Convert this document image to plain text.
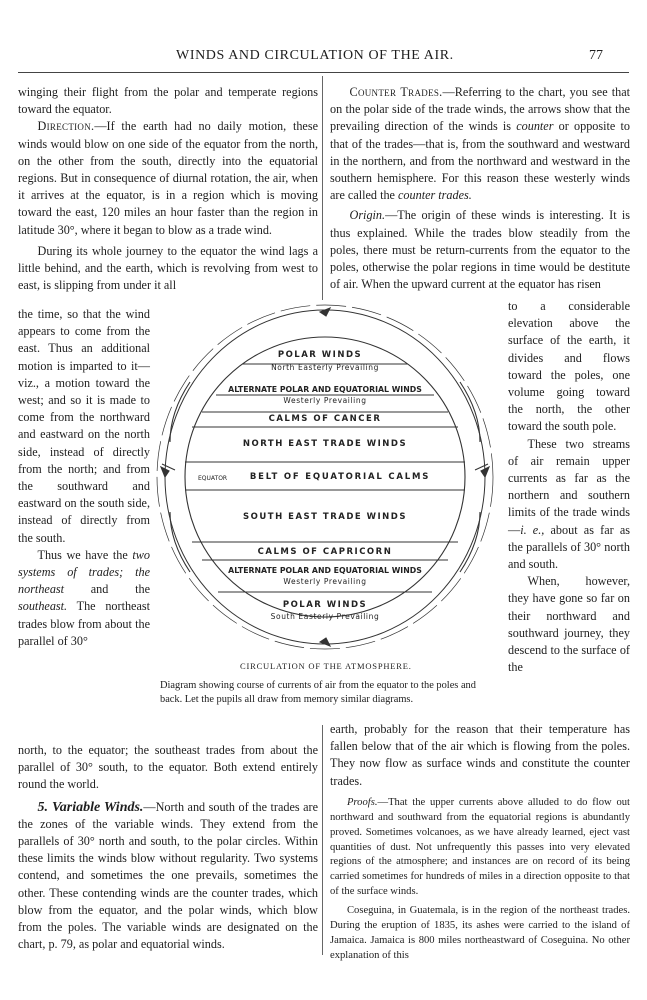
WINDS AND CIRCULATION OF THE AIR.	77

winging their flight from the polar and temperate regions toward the equator.

Direction.—If the earth had no daily motion, these winds would blow on one side of the equator from the north, on the other from the south, directly into the equatorial regions. But in consequence of diurnal rotation, the air, when it arrives at the equator, is in a region which is moving toward the east, 120 miles an hour faster than the region in latitude 30°, where it began to blow as a trade wind.

During its whole journey to the equator the wind lags a little behind, and the earth, which is revolving from west to east, is slipping from under it all

the time, so that the wind appears to come from the east. Thus an additional motion is imparted to it—viz., a motion toward the west; and so it is made to come from the northward and eastward on the north side, instead of directly from the north; and from the southward and eastward on the south side, instead of directly from the south.

Thus we have the two systems of trades; the northeast and the southeast. The northeast trades blow from about the parallel of 30°

north, to the equator; the southeast trades from about the parallel of 30° south, to the equator. Both extend entirely round the world.

5. Variable Winds.—North and south of the trades are the zones of the variable winds. They extend from the parallels of 30° north and south, to the polar circles. Within these limits the winds blow without regularity. Two systems contend, and sometimes the one prevails, sometimes the other. These contending winds are the counter trades, which blow from the equator, and the polar winds, which blow from the poles. The variable winds are designated on the chart, p. 79, as polar and equatorial winds.

Counter Trades.—Referring to the chart, you see that on the polar side of the trade winds, the arrows show that the prevailing direction of the winds is counter or opposite to that of the trades—that is, from the southward and westward in the northern, and from the northward and westward in the southern hemisphere. For this reason these westerly winds are called the counter trades.

Origin.—The origin of these winds is interesting. It is thus explained. While the trades blow steadily from the poles, there must be return-currents from the equator to the poles, otherwise the polar regions in time would be destitute of air. When the upward current at the equator has risen

to a considerable elevation above the surface of the earth, it divides and flows toward the poles, one volume going toward the north, the other toward the south pole.

These two streams of air remain upper currents as far as the northern and southern limits of the trade winds—i. e., about as far as the parallels of 30° north and south.

When, however, they have gone so far on their northward and southward journey, they descend to the surface of the

earth, probably for the reason that their temperature has fallen below that of the air which is flowing from the poles. They now flow as surface winds and constitute the counter trades.

Proofs.—That the upper currents above alluded to do flow out northward and southward from the equatorial regions is abundantly proved. Sometimes volcanoes, as we have already learned, eject vast quantities of dust. Not unfrequently this passes into very elevated regions of the atmosphere; and instances are on record of its being carried sometimes for hundreds of miles in a direction opposite to that of the surface winds.

Coseguina, in Guatemala, is in the region of the northeast trades. During the eruption of 1835, its ashes were carried to the island of Jamaica. Jamaica is 800 miles northeastward of Coseguina. No other explanation of this

POLAR WINDS
North Easterly Prevailing
ALTERNATE POLAR AND EQUATORIAL WINDS
Westerly Prevailing
CALMS OF CANCER
NORTH EAST TRADE WINDS
BELT OF EQUATORIAL CALMS
SOUTH EAST TRADE WINDS
CALMS OF CAPRICORN
ALTERNATE POLAR AND EQUATORIAL WINDS
Westerly Prevailing
POLAR WINDS
South Easterly Prevailing
EQUATOR
CIRCULATION OF THE ATMOSPHERE.
Diagram showing course of currents of air from the equator to the poles and back. Let the pupils all draw from memory similar diagrams.
